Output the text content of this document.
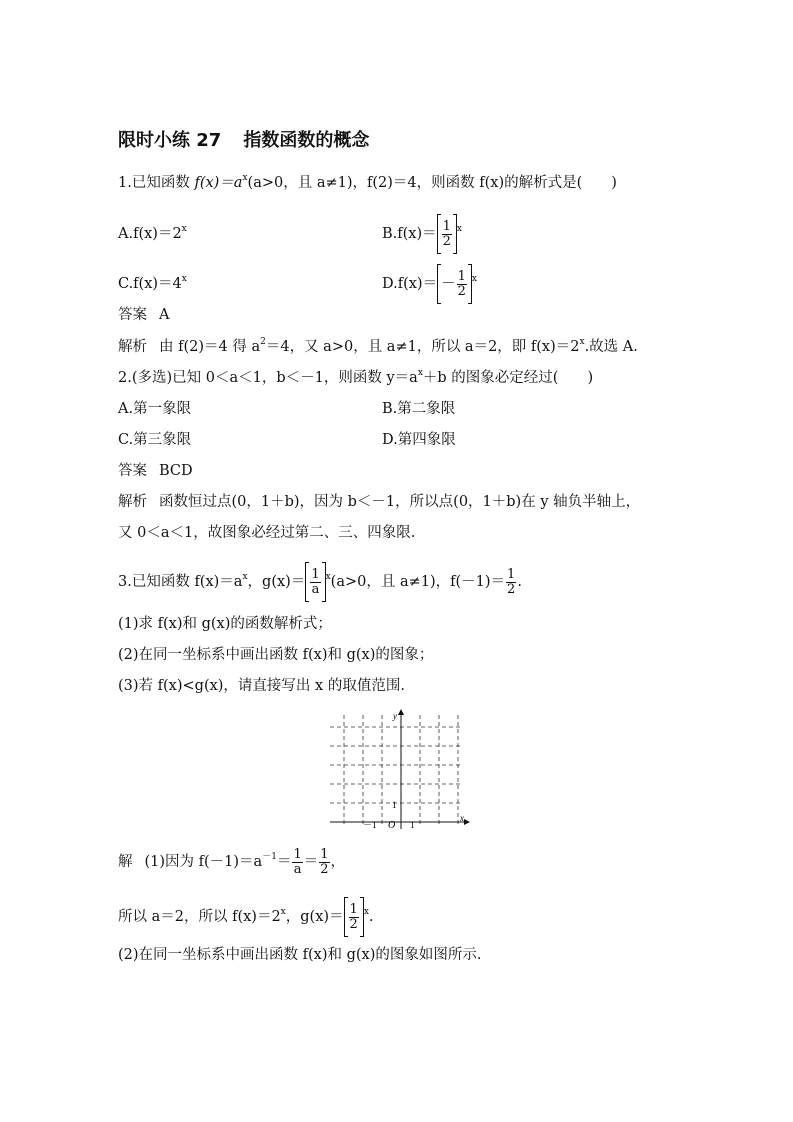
限时小练 27 指数函数的概念
1.已知函数 $f(x)=a^x(a>0$，且 a≠1)，f(2)＝4，则函数 f(x)的解析式是(　　)
$A.f(x)=2^x$	$B.f(x)= \frac{1}{2} ^x$
$C.f(x)=4^x$	$D.f(x)= - \frac{1}{2} ^x$
答案 A
解析 由 f(2)＝4 得 $a^2=4$，又 a>0，且 a≠1，所以 a＝2，即 $f(x)=2^x$.故选 A.
2.(多选)已知 0＜a＜1，b＜－1，则函数 $y=a^x+b$ 的图象必定经过(　　)
A.第一象限	B.第二象限
C.第三象限	D.第四象限
答案 BCD
解析 函数恒过点(0，1＋b)，因为 b＜－1，所以点(0，1＋b)在 y 轴负半轴上，
又 0＜a＜1，故图象必经过第二、三、四象限.
3.已知函数 $f(x)=a^x$，$g(x)= \frac{1}{a} ^x(a>0$，且 a≠1)，$f(-1)= \frac{1}{2}$ .
(1)求 f(x)和 g(x)的函数解析式；
(2)在同一坐标系中画出函数 f(x)和 g(x)的图象；
(3)若 f(x)<g(x)，请直接写出 x 的取值范围.
y
x
O
－1	1
1
解 (1)因为 $f(-1)=a^{-1}= \frac{1}{a} = \frac{1}{2}$ ，
所以 a＝2，所以 $f(x)=2^x$，$g(x)= \frac{1}{2} ^x$.
(2)在同一坐标系中画出函数 f(x)和 g(x)的图象如图所示.
